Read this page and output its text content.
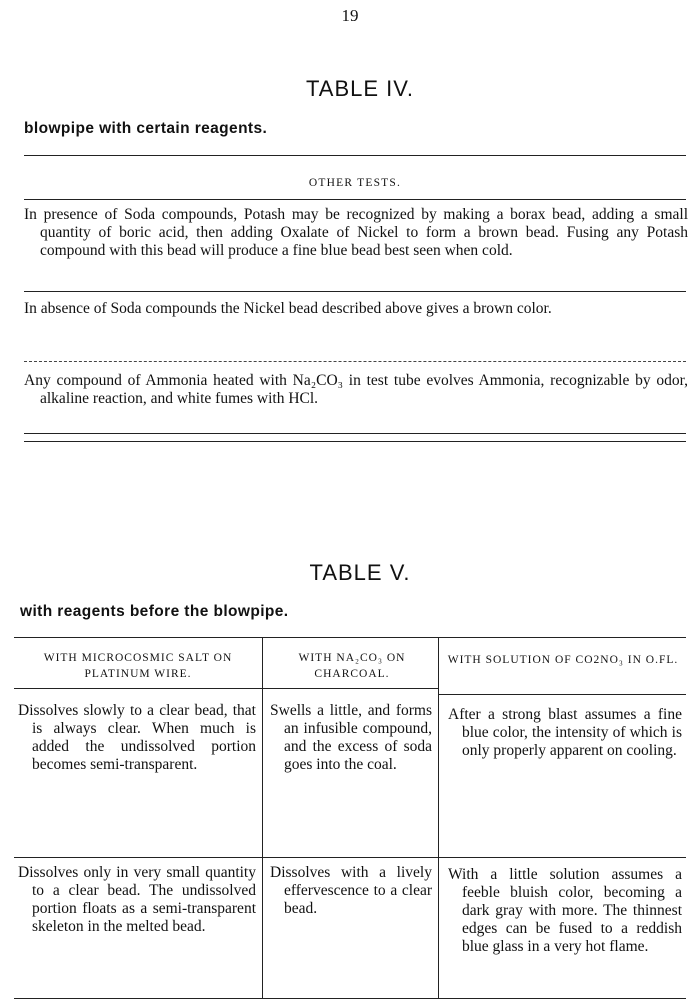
19
TABLE IV.
blowpipe with certain reagents.
OTHER TESTS.

In presence of Soda compounds, Potash may be recognized by making a borax bead, adding a small quantity of boric acid, then adding Oxalate of Nickel to form a brown bead. Fusing any Potash compound with this bead will produce a fine blue bead best seen when cold.

In absence of Soda compounds the Nickel bead described above gives a brown color.

Any compound of Ammonia heated with Na₂CO₃ in test tube evolves Ammonia, recognizable by odor, alkaline reaction, and white fumes with HCl.

TABLE V.
with reagents before the blowpipe.
WITH MICROCOSMIC SALT ON PLATINUM WIRE.
WITH NA₂CO₃ ON CHARCOAL.
WITH SOLUTION OF CO2NO₃ IN O.FL.

Dissolves slowly to a clear bead, that is always clear. When much is added the undissolved portion becomes semi-transparent.

Swells a little, and forms an infusible compound, and the excess of soda goes into the coal.

After a strong blast assumes a fine blue color, the intensity of which is only properly apparent on cooling.

Dissolves only in very small quantity to a clear bead. The undissolved portion floats as a semi-transparent skeleton in the melted bead.

Dissolves with a lively effervescence to a clear bead.

With a little solution assumes a feeble bluish color, becoming a dark gray with more. The thinnest edges can be fused to a reddish blue glass in a very hot flame.
